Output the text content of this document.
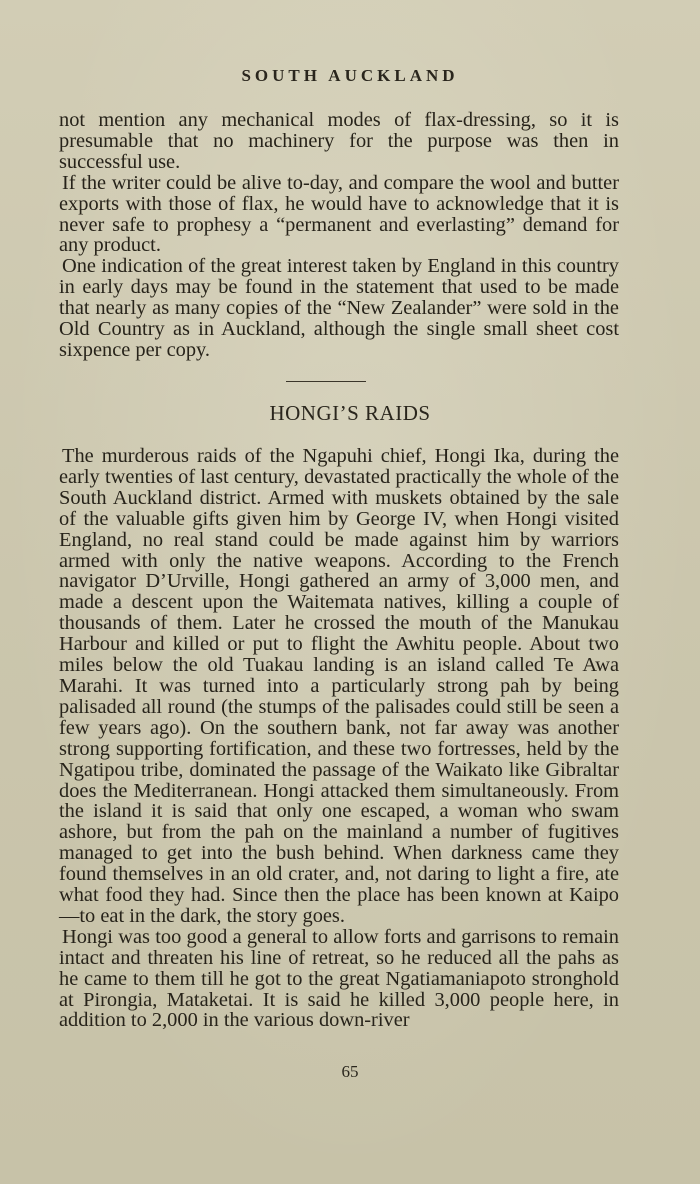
SOUTH AUCKLAND

not mention any mechanical modes of flax-dressing, so it is presumable that no machinery for the purpose was then in successful use.

If the writer could be alive to-day, and compare the wool and butter exports with those of flax, he would have to acknowledge that it is never safe to prophesy a “permanent and everlasting” demand for any product.

One indication of the great interest taken by England in this country in early days may be found in the statement that used to be made that nearly as many copies of the “New Zealander” were sold in the Old Country as in Auckland, although the single small sheet cost sixpence per copy.

HONGI’S RAIDS

The murderous raids of the Ngapuhi chief, Hongi Ika, during the early twenties of last century, devastated practically the whole of the South Auckland district. Armed with muskets obtained by the sale of the valuable gifts given him by George IV, when Hongi visited England, no real stand could be made against him by warriors armed with only the native weapons. According to the French navigator D’Urville, Hongi gathered an army of 3,000 men, and made a descent upon the Waitemata natives, killing a couple of thousands of them. Later he crossed the mouth of the Manukau Harbour and killed or put to flight the Awhitu people. About two miles below the old Tuakau landing is an island called Te Awa Marahi. It was turned into a particularly strong pah by being palisaded all round (the stumps of the palisades could still be seen a few years ago). On the southern bank, not far away was another strong supporting fortification, and these two fortresses, held by the Ngatipou tribe, dominated the passage of the Waikato like Gibraltar does the Mediterranean. Hongi attacked them simultaneously. From the island it is said that only one escaped, a woman who swam ashore, but from the pah on the mainland a number of fugitives managed to get into the bush behind. When darkness came they found themselves in an old crater, and, not daring to light a fire, ate what food they had. Since then the place has been known at Kaipo—to eat in the dark, the story goes.

Hongi was too good a general to allow forts and garrisons to remain intact and threaten his line of retreat, so he reduced all the pahs as he came to them till he got to the great Ngatiamaniapoto stronghold at Pirongia, Mataketai. It is said he killed 3,000 people here, in addition to 2,000 in the various down-river

65
